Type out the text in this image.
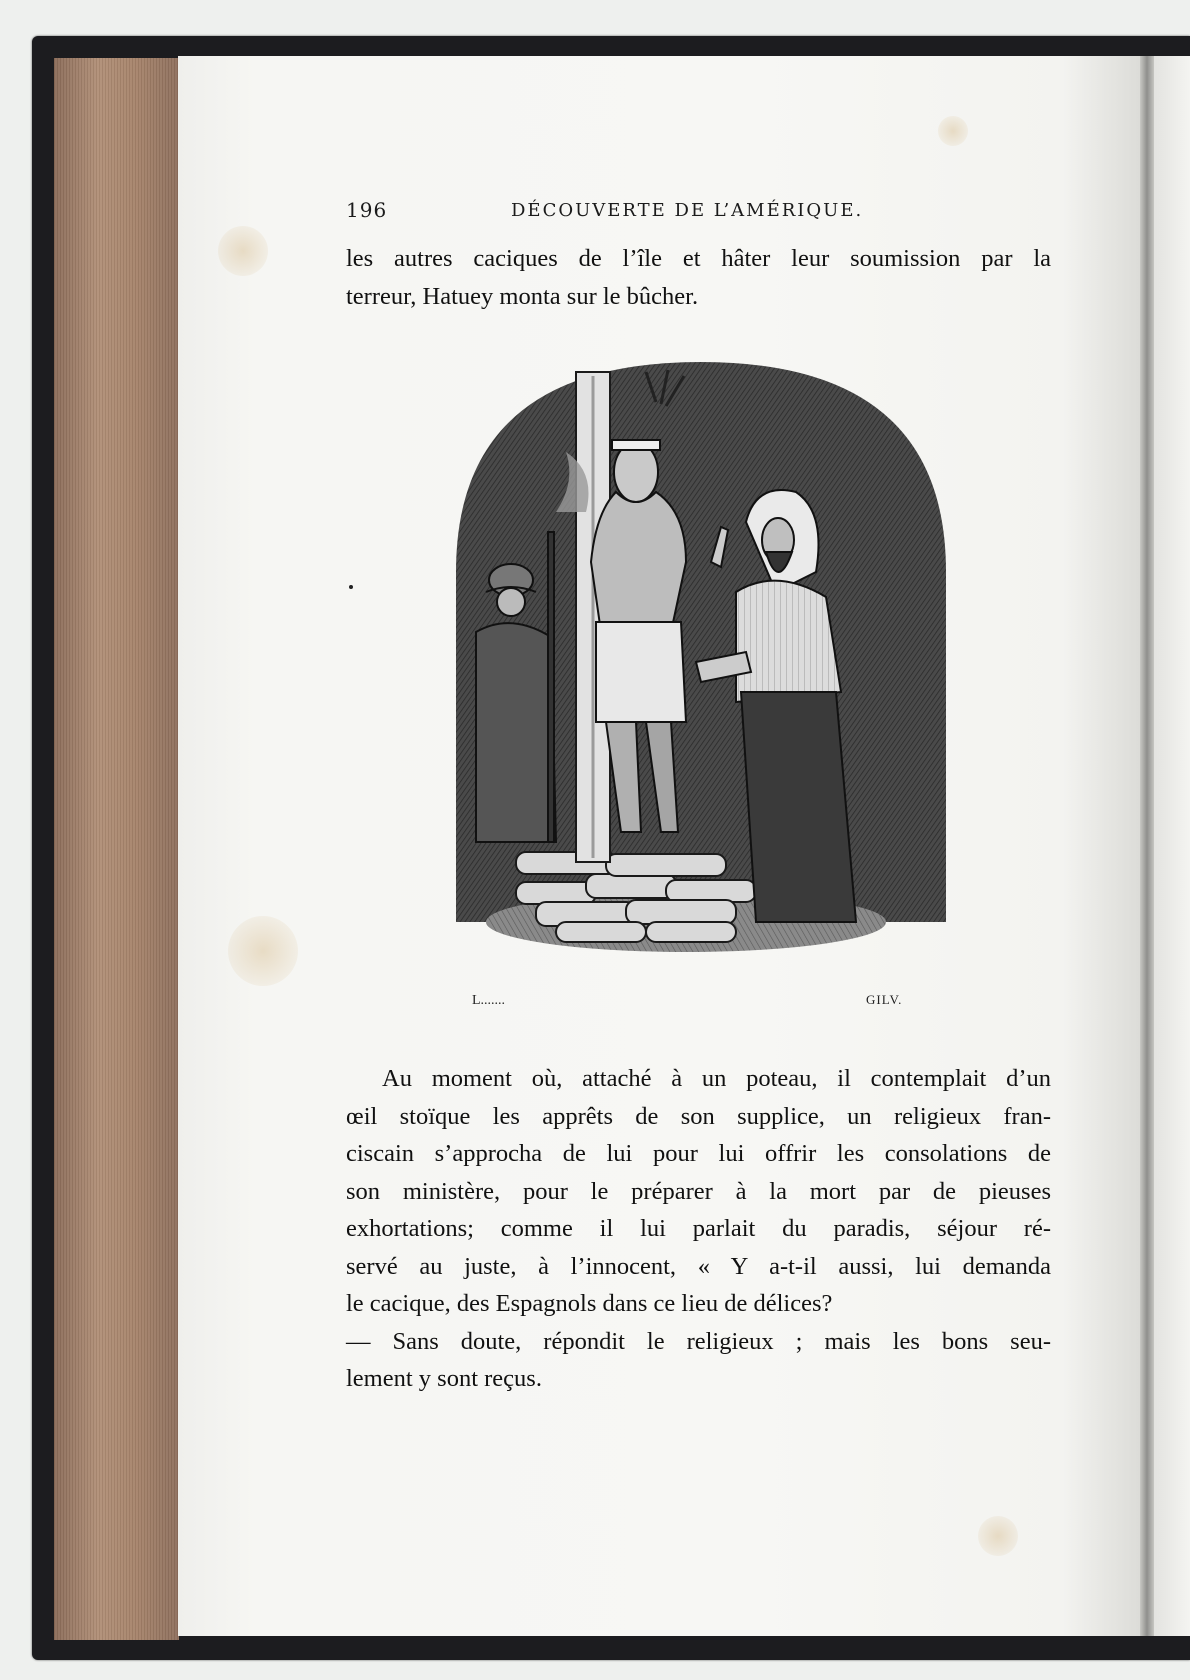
196	DÉCOUVERTE DE L’AMÉRIQUE.
les autres caciques de l’île et hâter leur soumission par la
terreur, Hatuey monta sur le bûcher.
L.......	GILV.
Au moment où, attaché à un poteau, il contemplait d’un
œil stoïque les apprêts de son supplice, un religieux fran-
ciscain s’approcha de lui pour lui offrir les consolations de
son ministère, pour le préparer à la mort par de pieuses
exhortations; comme il lui parlait du paradis, séjour ré-
servé au juste, à l’innocent, « Y a-t-il aussi, lui demanda
le cacique, des Espagnols dans ce lieu de délices?
— Sans doute, répondit le religieux ; mais les bons seu-
lement y sont reçus.
